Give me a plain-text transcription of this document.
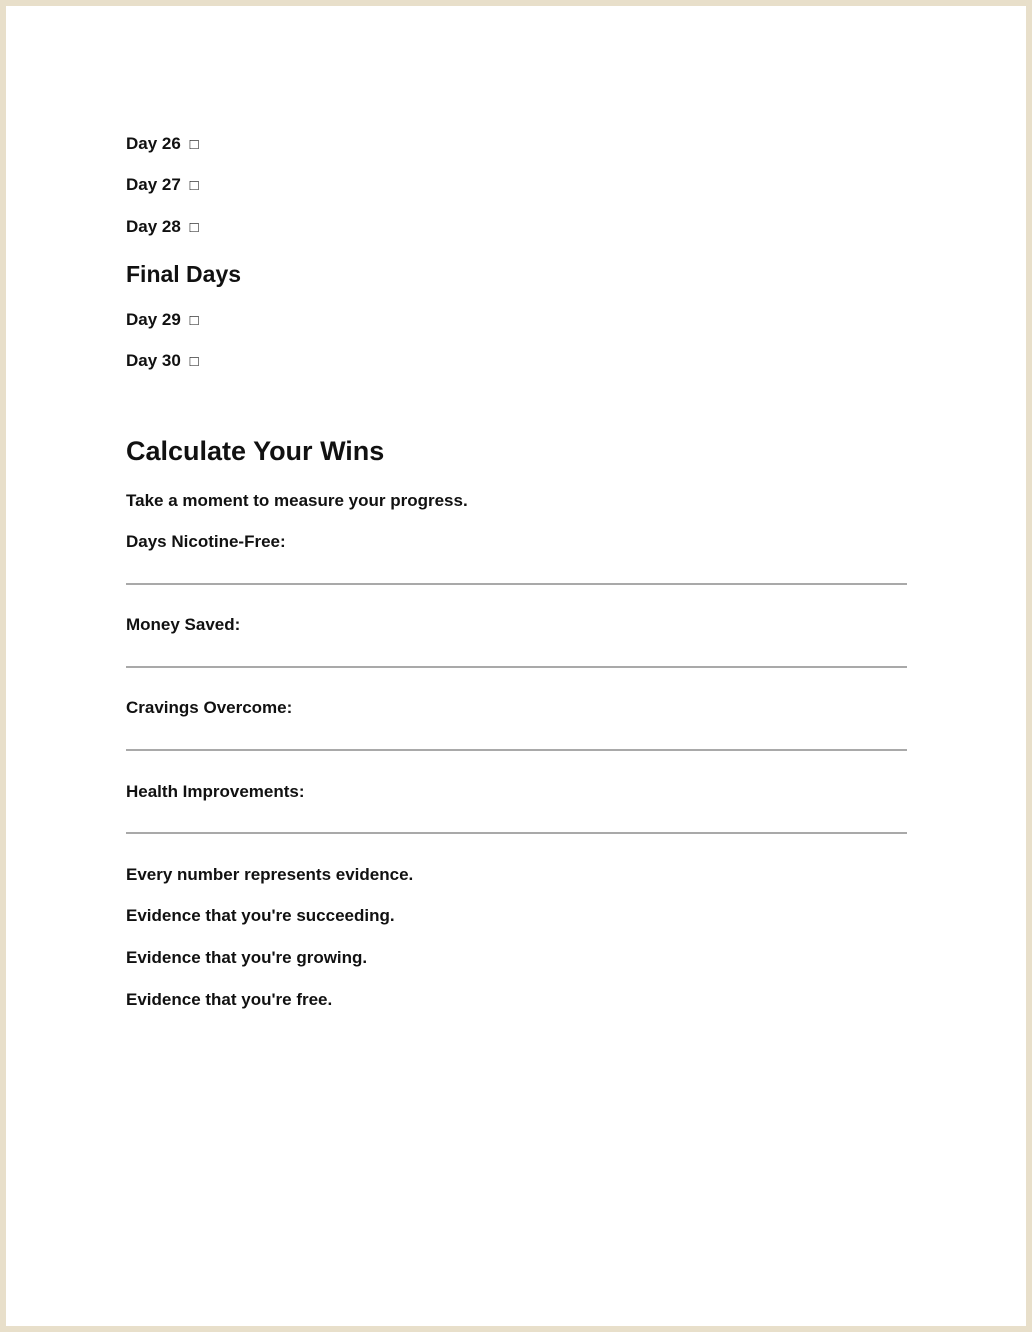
Day 26 □
Day 27 □
Day 28 □
Final Days
Day 29 □
Day 30 □
Calculate Your Wins
Take a moment to measure your progress.
Days Nicotine-Free:
Money Saved:
Cravings Overcome:
Health Improvements:
Every number represents evidence.
Evidence that you're succeeding.
Evidence that you're growing.
Evidence that you're free.
